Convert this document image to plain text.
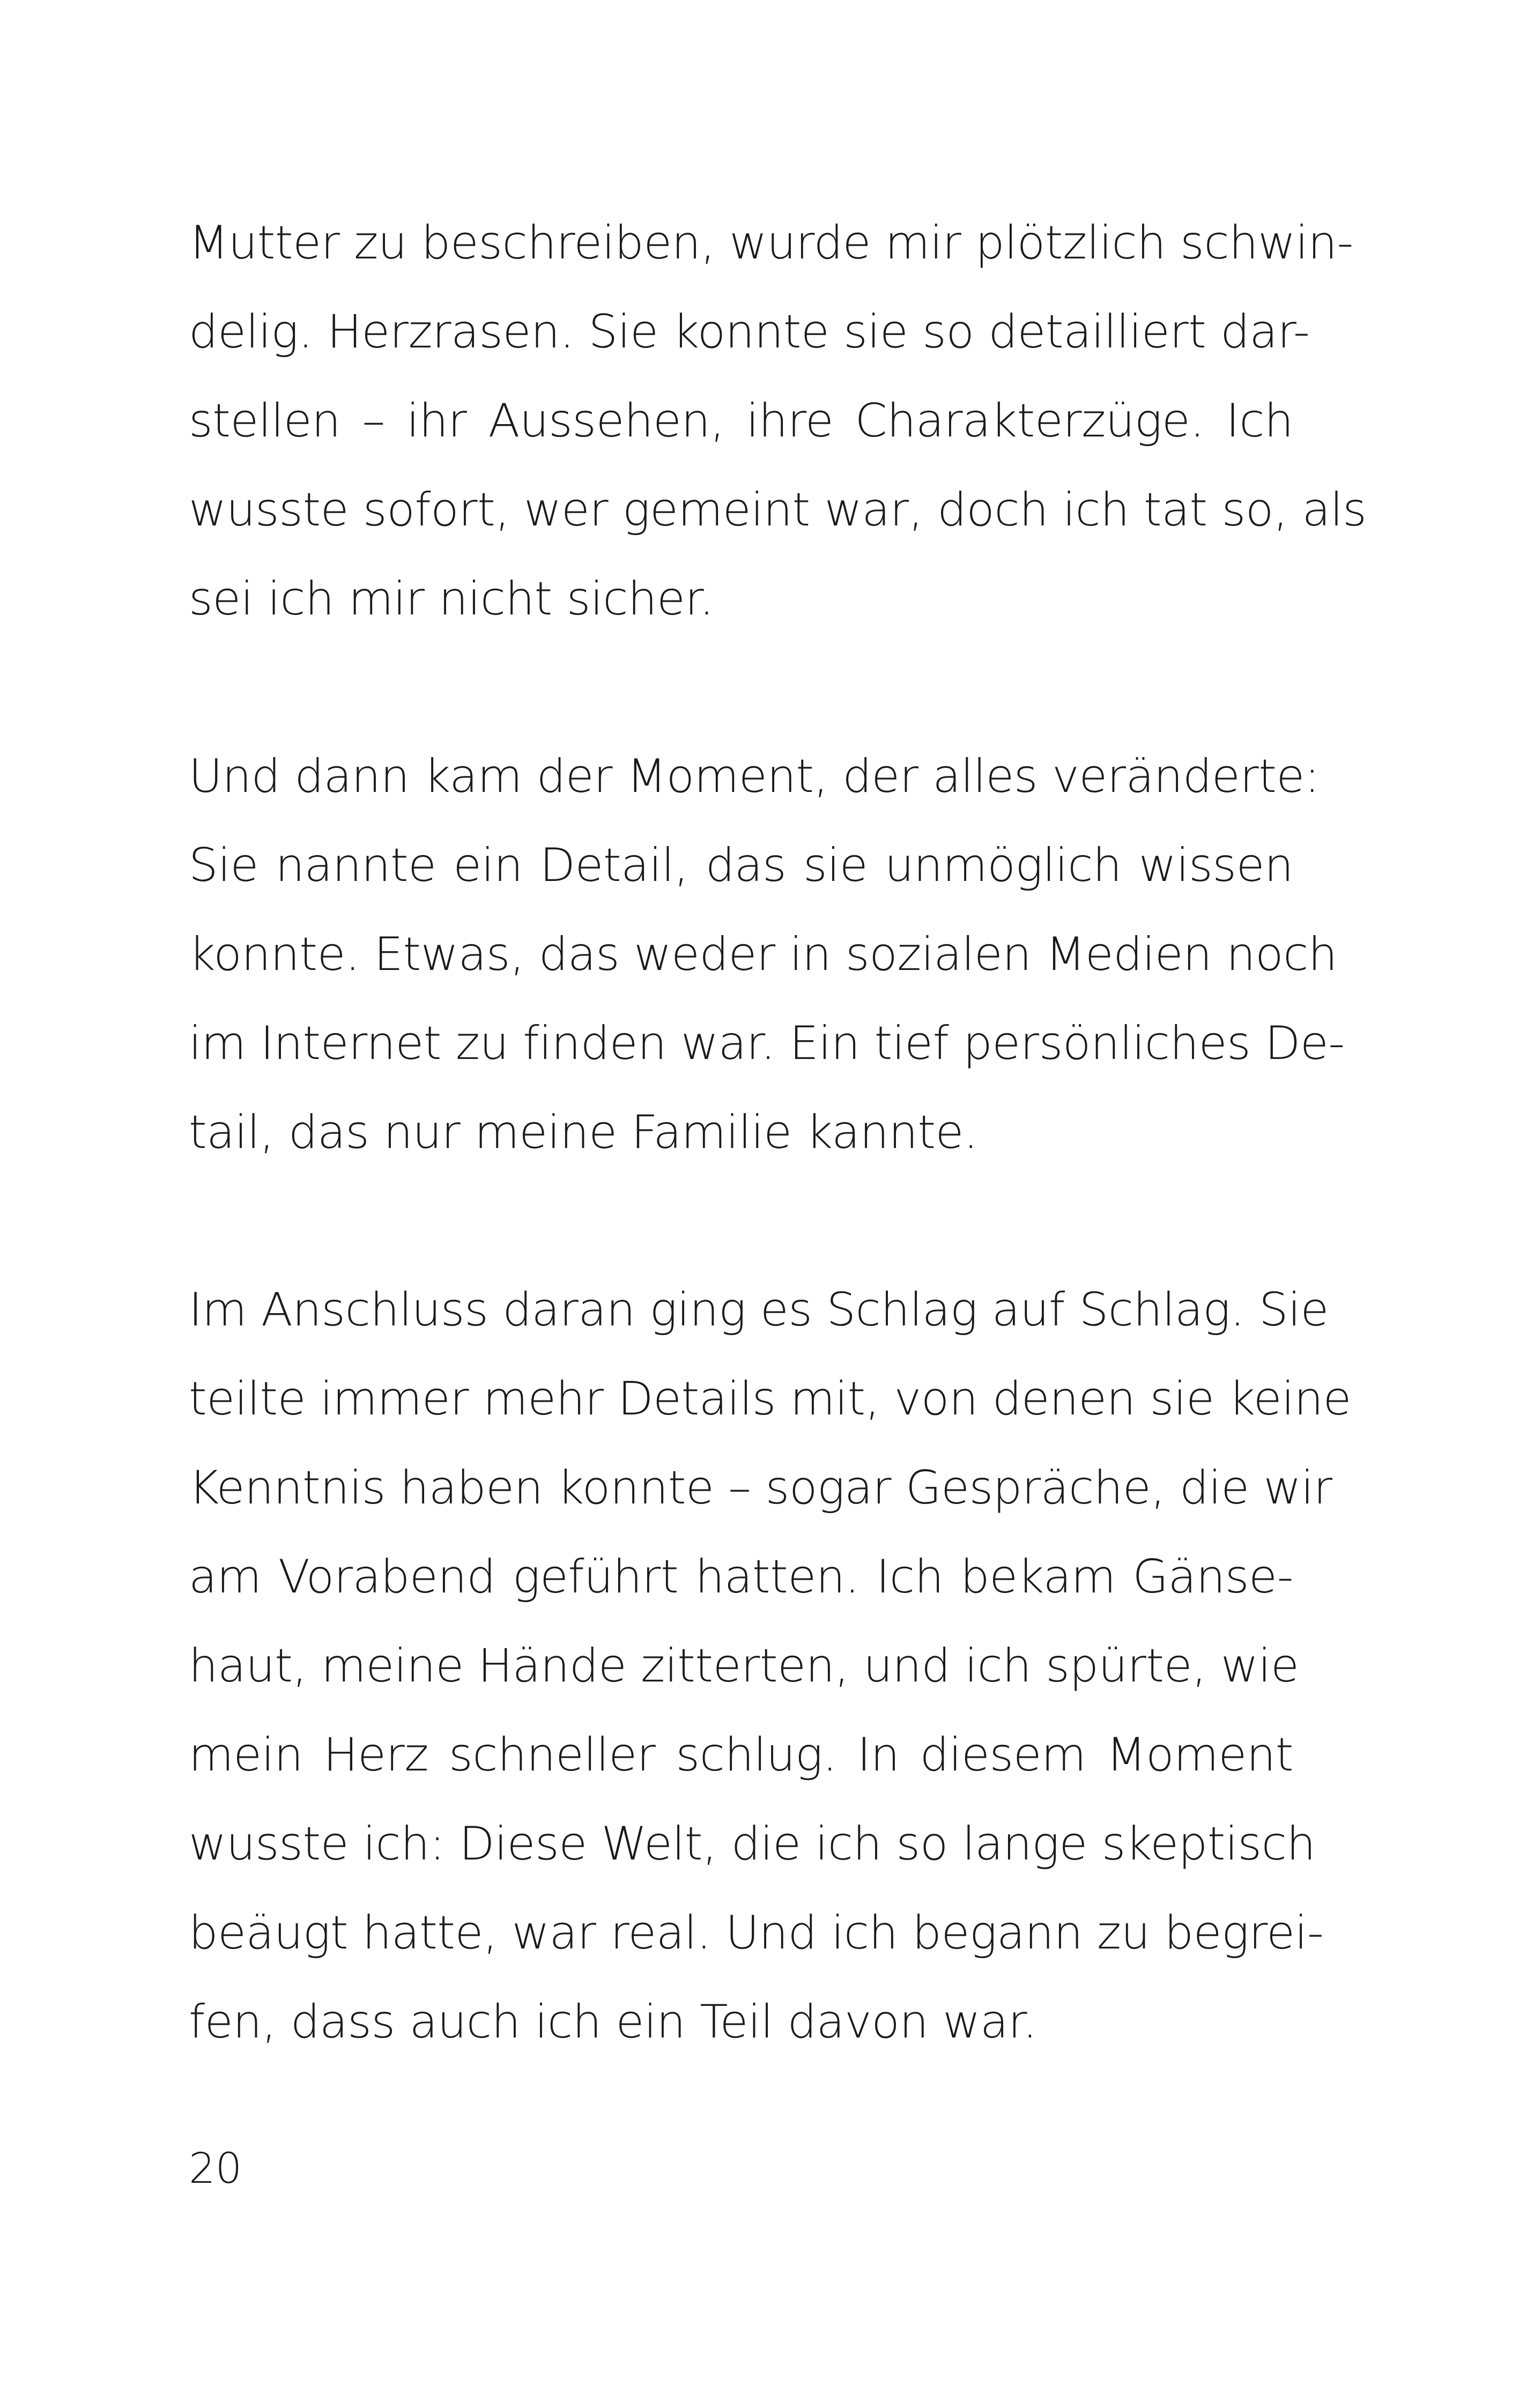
Mutter zu beschreiben, wurde mir plötzlich schwin-
delig. Herzrasen. Sie konnte sie so detailliert dar-
stellen – ihr Aussehen, ihre Charakterzüge. Ich
wusste sofort, wer gemeint war, doch ich tat so, als
sei ich mir nicht sicher.

Und dann kam der Moment, der alles veränderte:
Sie nannte ein Detail, das sie unmöglich wissen
konnte. Etwas, das weder in sozialen Medien noch
im Internet zu finden war. Ein tief persönliches De-
tail, das nur meine Familie kannte.

Im Anschluss daran ging es Schlag auf Schlag. Sie
teilte immer mehr Details mit, von denen sie keine
Kenntnis haben konnte – sogar Gespräche, die wir
am Vorabend geführt hatten. Ich bekam Gänse-
haut, meine Hände zitterten, und ich spürte, wie
mein Herz schneller schlug. In diesem Moment
wusste ich: Diese Welt, die ich so lange skeptisch
beäugt hatte, war real. Und ich begann zu begrei-
fen, dass auch ich ein Teil davon war.

20
